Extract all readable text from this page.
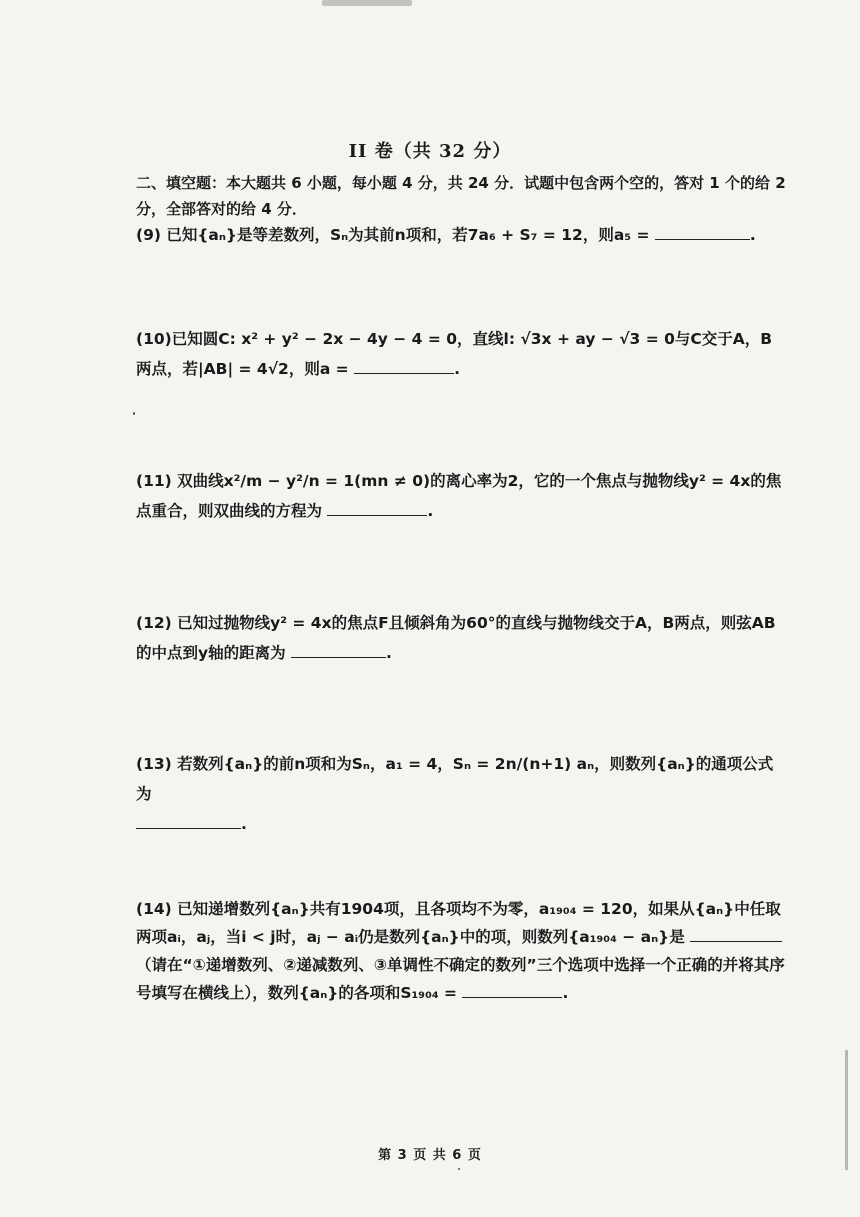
II 卷（共 32 分）
二、填空题：本大题共 6 小题，每小题 4 分，共 24 分．试题中包含两个空的，答对 1 个的给 2 分，全部答对的给 4 分．
(9) 已知{aₙ}是等差数列，Sₙ为其前n项和，若7a₆ + S₇ = 12，则a₅ =	.
(10)已知圆C: x² + y² − 2x − 4y − 4 = 0，直线l: √3x + ay − √3 = 0与C交于A，B两点，若|AB| = 4√2，则a =	.
(11) 双曲线x²/m − y²/n = 1(mn ≠ 0)的离心率为2，它的一个焦点与抛物线y² = 4x的焦点重合，则双曲线的方程为	.
(12) 已知过抛物线y² = 4x的焦点F且倾斜角为60°的直线与抛物线交于A，B两点，则弦AB的中点到y轴的距离为	.
(13) 若数列{aₙ}的前n项和为Sₙ，a₁ = 4，Sₙ = 2n/(n+1) aₙ，则数列{aₙ}的通项公式为
.
(14) 已知递增数列{aₙ}共有1904项，且各项均不为零，a₁₉₀₄ = 120，如果从{aₙ}中任取两项aᵢ，aⱼ，当i < j时，aⱼ − aᵢ仍是数列{aₙ}中的项，则数列{a₁₉₀₄ − aₙ}是  （请在“①递增数列、②递减数列、③单调性不确定的数列”三个选项中选择一个正确的并将其序号填写在横线上），数列{aₙ}的各项和S₁₉₀₄ =	.
第 3 页 共 6 页
